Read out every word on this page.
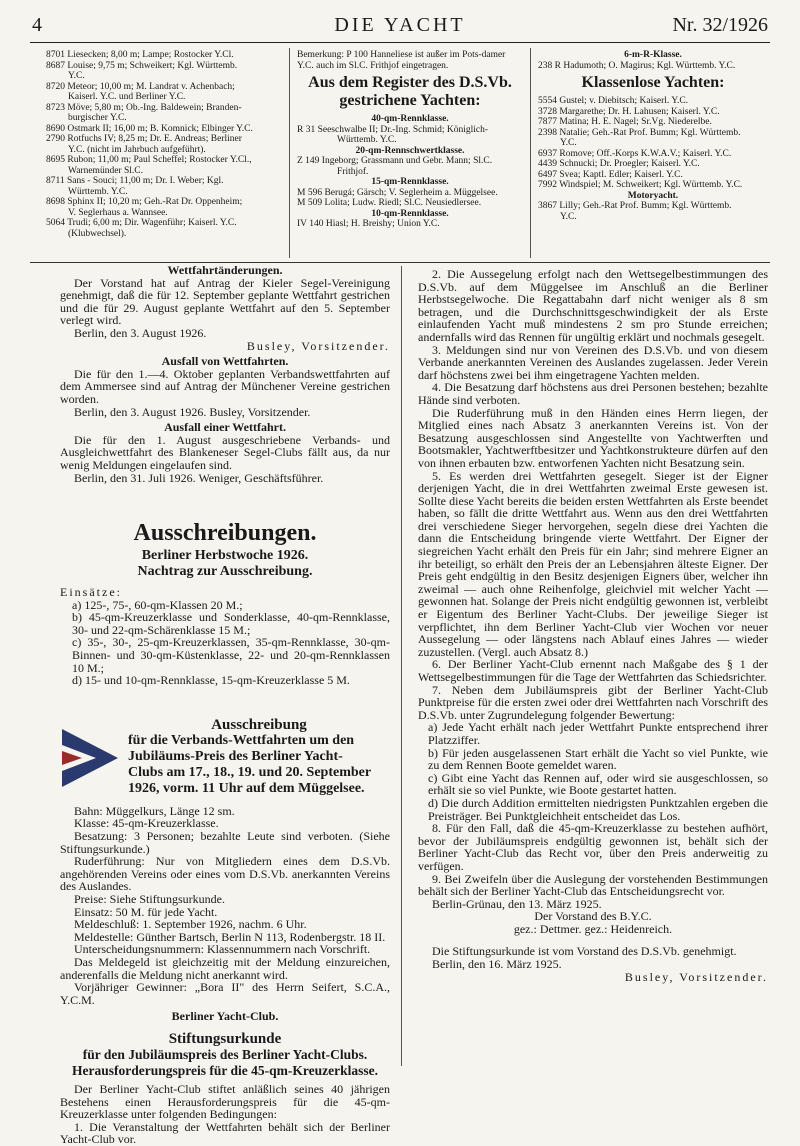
4	DIE YACHT	Nr. 32/1926
8701 Liesecken; 8,00 m; Lampe; Rostocker Y.Cl.
8687 Louise; 9,75 m; Schweikert; Kgl. Württemb.
Y.C.
8720 Meteor; 10,00 m; M. Landrat v. Achenbach;
Kaiserl. Y.C. und Berliner Y.C.
8723 Möve; 5,80 m; Ob.-Ing. Baldewein; Branden-
burgischer Y.C.
8690 Ostmark II; 16,00 m; B. Komnick; Elbinger Y.C.
2790 Rotfuchs IV; 8,25 m; Dr. E. Andreas; Berliner
Y.C. (nicht im Jahrbuch aufgeführt).
8695 Rubon; 11,00 m; Paul Scheffel; Rostocker Y.Cl.,
Warnemünder Sl.C.
8711 Sans - Souci; 11,00 m; Dr. I. Weber; Kgl.
Württemb. Y.C.
8698 Sphinx II; 10,20 m; Geh.-Rat Dr. Oppenheim;
V. Seglerhaus a. Wannsee.
5064 Trudi; 6,00 m; Dir. Wagenführ; Kaiserl. Y.C.
(Klubwechsel).
Bemerkung: P 100 Hanneliese ist außer im Pots-damer Y.C. auch im Sl.C. Frithjof eingetragen.
Aus dem Register des D.S.Vb. gestrichene Yachten:
40-qm-Rennklasse.
R 31 Seeschwalbe II; Dr.-Ing. Schmid; Königlich-
Württemb. Y.C.
20-qm-Rennschwertklasse.
Z 149 Ingeborg; Grassmann und Gebr. Mann; Sl.C.
Frithjof.
15-qm-Rennklasse.
M 596 Berugá; Gärsch; V. Seglerheim a. Müggelsee.
M 509 Lolita; Ludw. Riedl; Sl.C. Neusiedlersee.
10-qm-Rennklasse.
IV 140 Hiasl; H. Breishy; Union Y.C.
6-m-R-Klasse.
238 R Hadumoth; O. Magirus; Kgl. Württemb. Y.C.
Klassenlose Yachten:
5554 Gustel; v. Diebitsch; Kaiserl. Y.C.
3728 Margarethe; Dr. H. Lahusen; Kaiserl. Y.C.
7877 Matina; H. E. Nagel; Sr.Vg. Niederelbe.
2398 Natalie; Geh.-Rat Prof. Bumm; Kgl. Württemb.
Y.C.
6937 Romove; Off.-Korps K.W.A.V.; Kaiserl. Y.C.
4439 Schnucki; Dr. Proegler; Kaiserl. Y.C.
6497 Svea; Kaptl. Edler; Kaiserl. Y.C.
7992 Windspiel; M. Schweikert; Kgl. Württemb. Y.C.
Motoryacht.
3867 Lilly; Geh.-Rat Prof. Bumm; Kgl. Württemb.
Y.C.

Wettfahrtänderungen.

Der Vorstand hat auf Antrag der Kieler Segel-Vereinigung genehmigt, daß die für 12. September geplante Wettfahrt gestrichen und die für 29. August geplante Wettfahrt auf den 5. September verlegt wird.

Berlin, den 3. August 1926.

Busley, Vorsitzender.

Ausfall von Wettfahrten.

Die für den 1.—4. Oktober geplanten Verbandswettfahrten auf dem Ammersee sind auf Antrag der Münchener Vereine gestrichen worden.

Berlin, den 3. August 1926. Busley, Vorsitzender.

Ausfall einer Wettfahrt.

Die für den 1. August ausgeschriebene Verbands- und Ausgleichwettfahrt des Blankeneser Segel-Clubs fällt aus, da nur wenig Meldungen eingelaufen sind.

Berlin, den 31. Juli 1926. Weniger, Geschäftsführer.

Ausschreibungen.
Berliner Herbstwoche 1926.
Nachtrag zur Ausschreibung.

Einsätze:

a) 125-, 75-, 60-qm-Klassen 20 M.;

b) 45-qm-Kreuzerklasse und Sonderklasse, 40-qm-Rennklasse, 30- und 22-qm-Schärenklasse 15 M.;

c) 35-, 30-, 25-qm-Kreuzerklassen, 35-qm-Rennklasse, 30-qm-Binnen- und 30-qm-Küstenklasse, 22- und 20-qm-Rennklassen 10 M.;

d) 15- und 10-qm-Rennklasse, 15-qm-Kreuzerklasse 5 M.

Ausschreibung
für die Verbands-Wettfahrten um den
Jubiläums-Preis des Berliner Yacht-
Clubs am 17., 18., 19. und 20. September
1926, vorm. 11 Uhr auf dem Müggelsee.

Bahn: Müggelkurs, Länge 12 sm.

Klasse: 45-qm-Kreuzerklasse.

Besatzung: 3 Personen; bezahlte Leute sind verboten. (Siehe Stiftungsurkunde.)

Ruderführung: Nur von Mitgliedern eines dem D.S.Vb. angehörenden Vereins oder eines vom D.S.Vb. anerkannten Vereins des Auslandes.

Preise: Siehe Stiftungsurkunde.

Einsatz: 50 M. für jede Yacht.

Meldeschluß: 1. September 1926, nachm. 6 Uhr.

Meldestelle: Günther Bartsch, Berlin N 113, Rodenbergstr. 18 II.

Unterscheidungsnummern: Klassennummern nach Vorschrift.

Das Meldegeld ist gleichzeitig mit der Meldung einzureichen, anderenfalls die Meldung nicht anerkannt wird.

Vorjähriger Gewinner: „Bora II" des Herrn Seifert, S.C.A., Y.C.M.

Berliner Yacht-Club.

Stiftungsurkunde
für den Jubiläumspreis des Berliner Yacht-Clubs.
Herausforderungspreis für die 45-qm-Kreuzerklasse.

Der Berliner Yacht-Club stiftet anläßlich seines 40 jährigen Bestehens einen Herausforderungspreis für die 45-qm-Kreuzerklasse unter folgenden Bedingungen:

1. Die Veranstaltung der Wettfahrten behält sich der Berliner Yacht-Club vor.

2. Die Aussegelung erfolgt nach den Wettsegelbestimmungen des D.S.Vb. auf dem Müggelsee im Anschluß an die Berliner Herbstsegelwoche. Die Regattabahn darf nicht weniger als 8 sm betragen, und die Durchschnittsgeschwindigkeit der als Erste einlaufenden Yacht muß mindestens 2 sm pro Stunde erreichen; andernfalls wird das Rennen für ungültig erklärt und nochmals gesegelt.

3. Meldungen sind nur von Vereinen des D.S.Vb. und von diesem Verbande anerkannten Vereinen des Auslandes zugelassen. Jeder Verein darf höchstens zwei bei ihm eingetragene Yachten melden.

4. Die Besatzung darf höchstens aus drei Personen bestehen; bezahlte Hände sind verboten.

Die Ruderführung muß in den Händen eines Herrn liegen, der Mitglied eines nach Absatz 3 anerkannten Vereins ist. Von der Besatzung ausgeschlossen sind Angestellte von Yachtwerften und Bootsmakler, Yachtwerftbesitzer und Yachtkonstrukteure dürfen auf den von ihnen erbauten bzw. entworfenen Yachten nicht Besatzung sein.

5. Es werden drei Wettfahrten gesegelt. Sieger ist der Eigner derjenigen Yacht, die in drei Wettfahrten zweimal Erste gewesen ist. Sollte diese Yacht bereits die beiden ersten Wettfahrten als Erste beendet haben, so fällt die dritte Wettfahrt aus. Wenn aus den drei Wettfahrten drei verschiedene Sieger hervorgehen, segeln diese drei Yachten die dann die Entscheidung bringende vierte Wettfahrt. Der Eigner der siegreichen Yacht erhält den Preis für ein Jahr; sind mehrere Eigner an ihr beteiligt, so erhält den Preis der an Lebensjahren älteste Eigner. Der Preis geht endgültig in den Besitz desjenigen Eigners über, welcher ihn zweimal — auch ohne Reihenfolge, gleichviel mit welcher Yacht — gewonnen hat. Solange der Preis nicht endgültig gewonnen ist, verbleibt er Eigentum des Berliner Yacht-Clubs. Der jeweilige Sieger ist verpflichtet, ihn dem Berliner Yacht-Club vier Wochen vor neuer Aussegelung — oder längstens nach Ablauf eines Jahres — wieder zuzustellen. (Vergl. auch Absatz 8.)

6. Der Berliner Yacht-Club ernennt nach Maßgabe des § 1 der Wettsegelbestimmungen für die Tage der Wettfahrten das Schiedsrichter.

7. Neben dem Jubiläumspreis gibt der Berliner Yacht-Club Punktpreise für die ersten zwei oder drei Wettfahrten nach Vorschrift des D.S.Vb. unter Zugrundelegung folgender Bewertung:

a) Jede Yacht erhält nach jeder Wettfahrt Punkte entsprechend ihrer Platzziffer.

b) Für jeden ausgelassenen Start erhält die Yacht so viel Punkte, wie zu dem Rennen Boote gemeldet waren.

c) Gibt eine Yacht das Rennen auf, oder wird sie ausgeschlossen, so erhält sie so viel Punkte, wie Boote gestartet hatten.

d) Die durch Addition ermittelten niedrigsten Punktzahlen ergeben die Preisträger. Bei Punktgleichheit entscheidet das Los.

8. Für den Fall, daß die 45-qm-Kreuzerklasse zu bestehen aufhört, bevor der Jubiläumspreis endgültig gewonnen ist, behält sich der Berliner Yacht-Club das Recht vor, über den Preis anderweitig zu verfügen.

9. Bei Zweifeln über die Auslegung der vorstehenden Bestimmungen behält sich der Berliner Yacht-Club das Entscheidungsrecht vor.

Berlin-Grünau, den 13. März 1925.

Der Vorstand des B.Y.C.

gez.: Dettmer. gez.: Heidenreich.

Die Stiftungsurkunde ist vom Vorstand des D.S.Vb. genehmigt.

Berlin, den 16. März 1925.

Busley, Vorsitzender.
